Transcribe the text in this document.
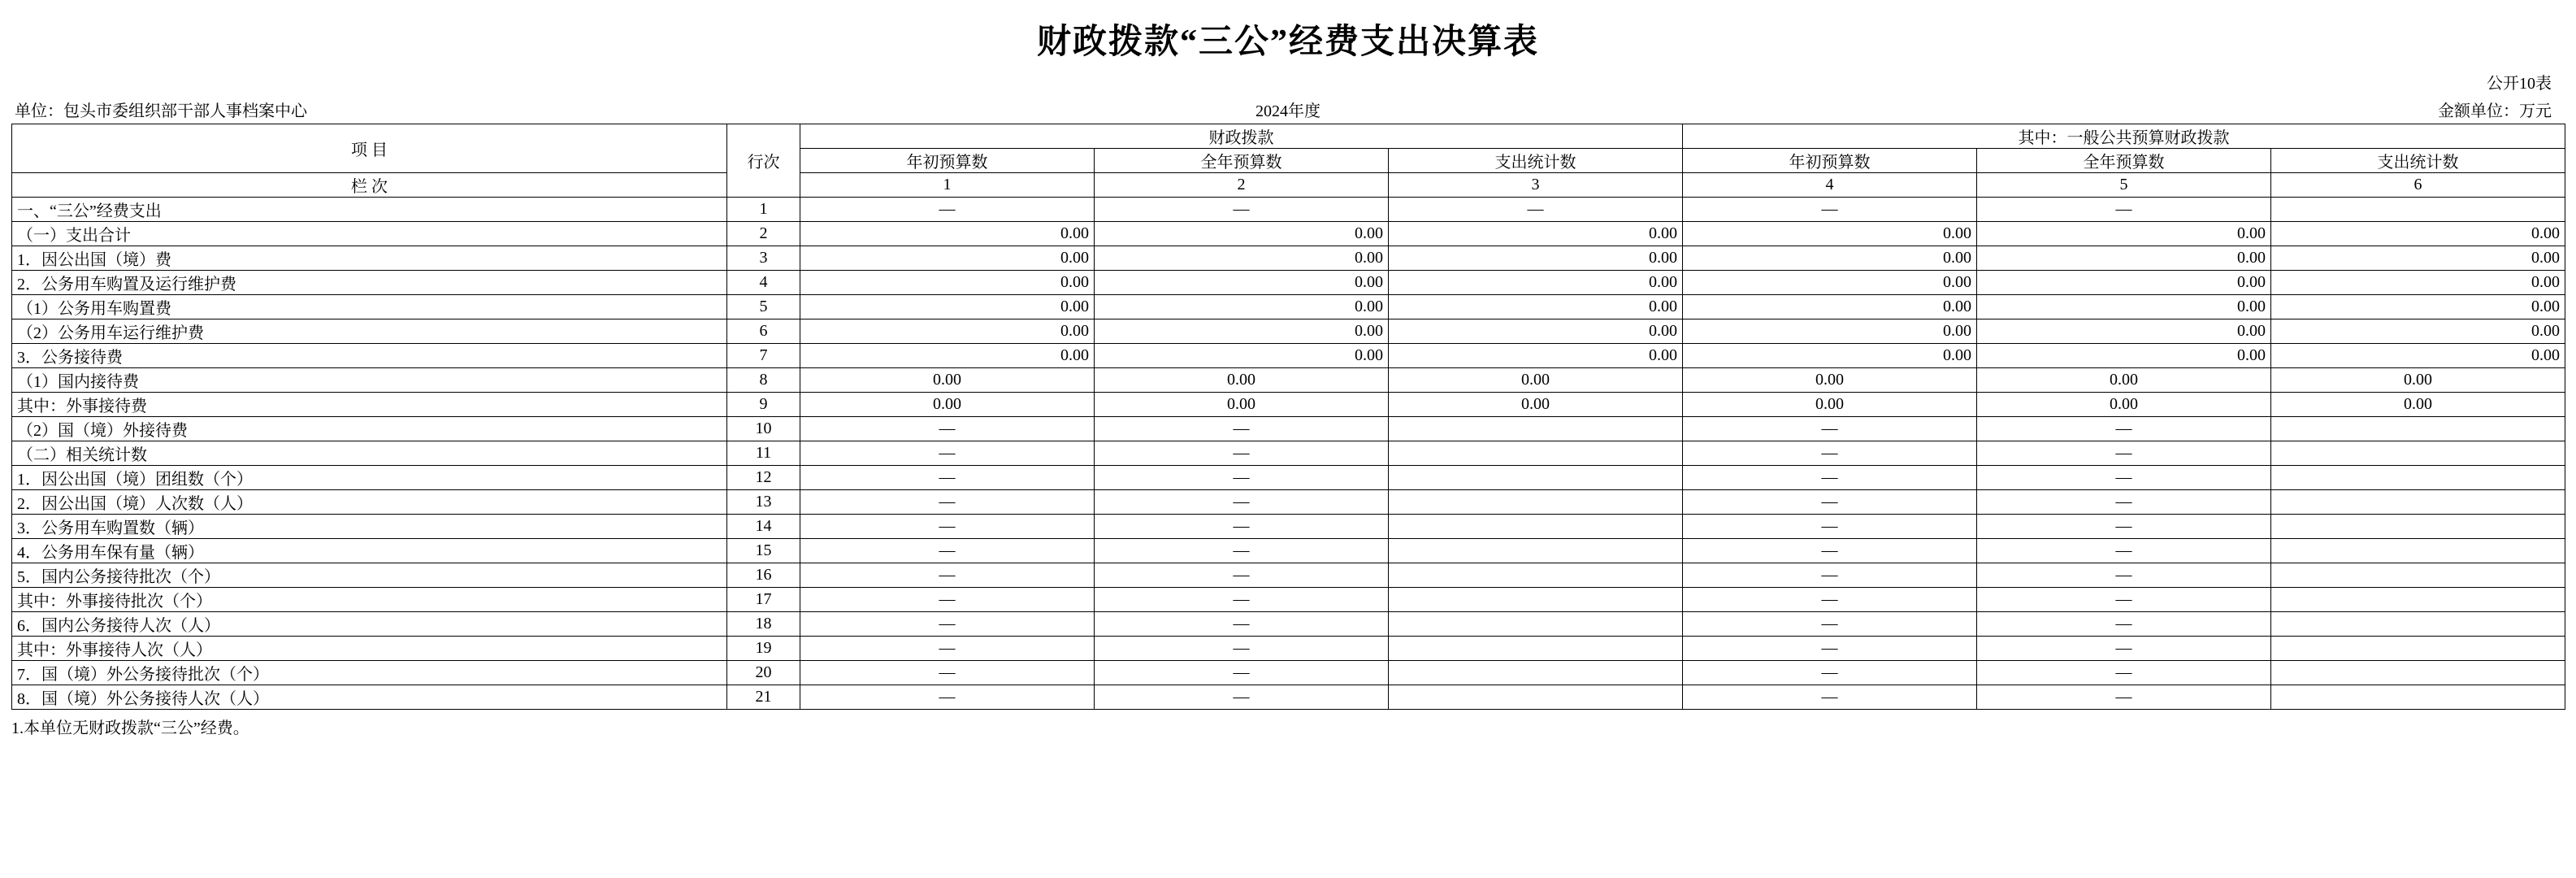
财政拨款“三公”经费支出决算表
公开10表
单位：包头市委组织部干部人事档案中心	2024年度	金额单位：万元
项 目	行次	财政拨款			其中：一般公共预算财政拨款		
		年初预算数	全年预算数	支出统计数	年初预算数	全年预算数	支出统计数
栏 次		1	2	3	4	5	6
一、“三公”经费支出	1	—	—	—	—	—	
（一）支出合计	2	0.00	0.00	0.00	0.00	0.00	0.00
1．因公出国（境）费	3	0.00	0.00	0.00	0.00	0.00	0.00
2．公务用车购置及运行维护费	4	0.00	0.00	0.00	0.00	0.00	0.00
（1）公务用车购置费	5	0.00	0.00	0.00	0.00	0.00	0.00
（2）公务用车运行维护费	6	0.00	0.00	0.00	0.00	0.00	0.00
3．公务接待费	7	0.00	0.00	0.00	0.00	0.00	0.00
（1）国内接待费	8	0.00	0.00	0.00	0.00	0.00	0.00
其中：外事接待费	9	0.00	0.00	0.00	0.00	0.00	0.00
（2）国（境）外接待费	10	—	—		—	—	
（二）相关统计数	11	—	—		—	—	
1．因公出国（境）团组数（个）	12	—	—		—	—	
2．因公出国（境）人次数（人）	13	—	—		—	—	
3．公务用车购置数（辆）	14	—	—		—	—	
4．公务用车保有量（辆）	15	—	—		—	—	
5．国内公务接待批次（个）	16	—	—		—	—	
其中：外事接待批次（个）	17	—	—		—	—	
6．国内公务接待人次（人）	18	—	—		—	—	
其中：外事接待人次（人）	19	—	—		—	—	
7．国（境）外公务接待批次（个）	20	—	—		—	—	
8．国（境）外公务接待人次（人）	21	—	—		—	—	
1.本单位无财政拨款“三公”经费。
